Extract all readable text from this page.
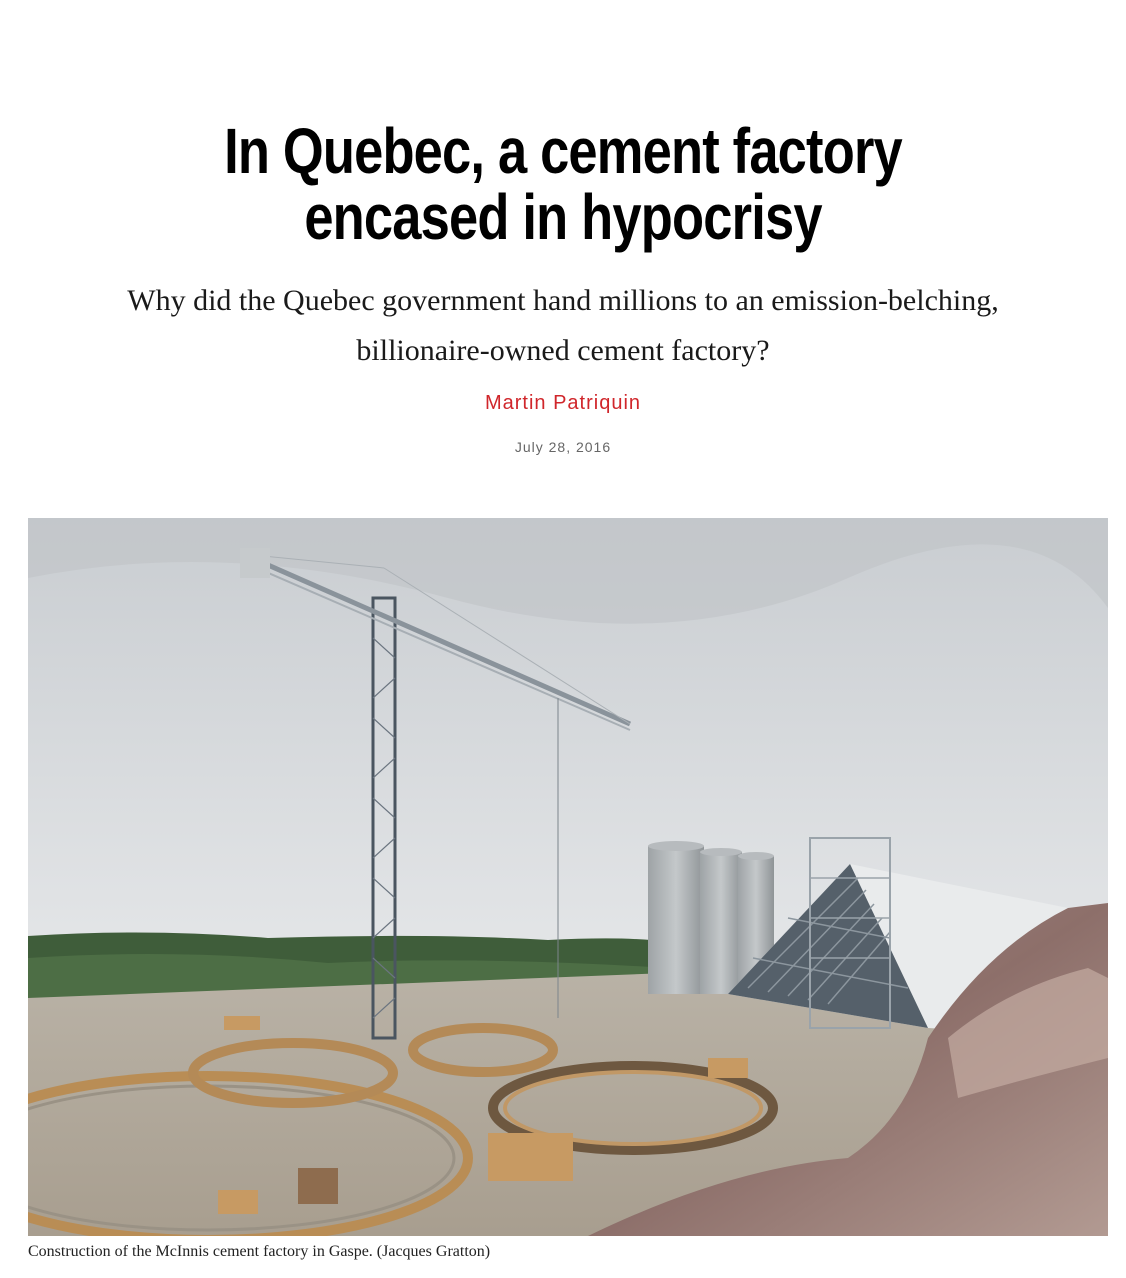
In Quebec, a cement factory encased in hypocrisy

Why did the Quebec government hand millions to an emission-belching, billionaire-owned cement factory?

Martin Patriquin
July 28, 2016
Construction of the McInnis cement factory in Gaspe. (Jacques Gratton)
